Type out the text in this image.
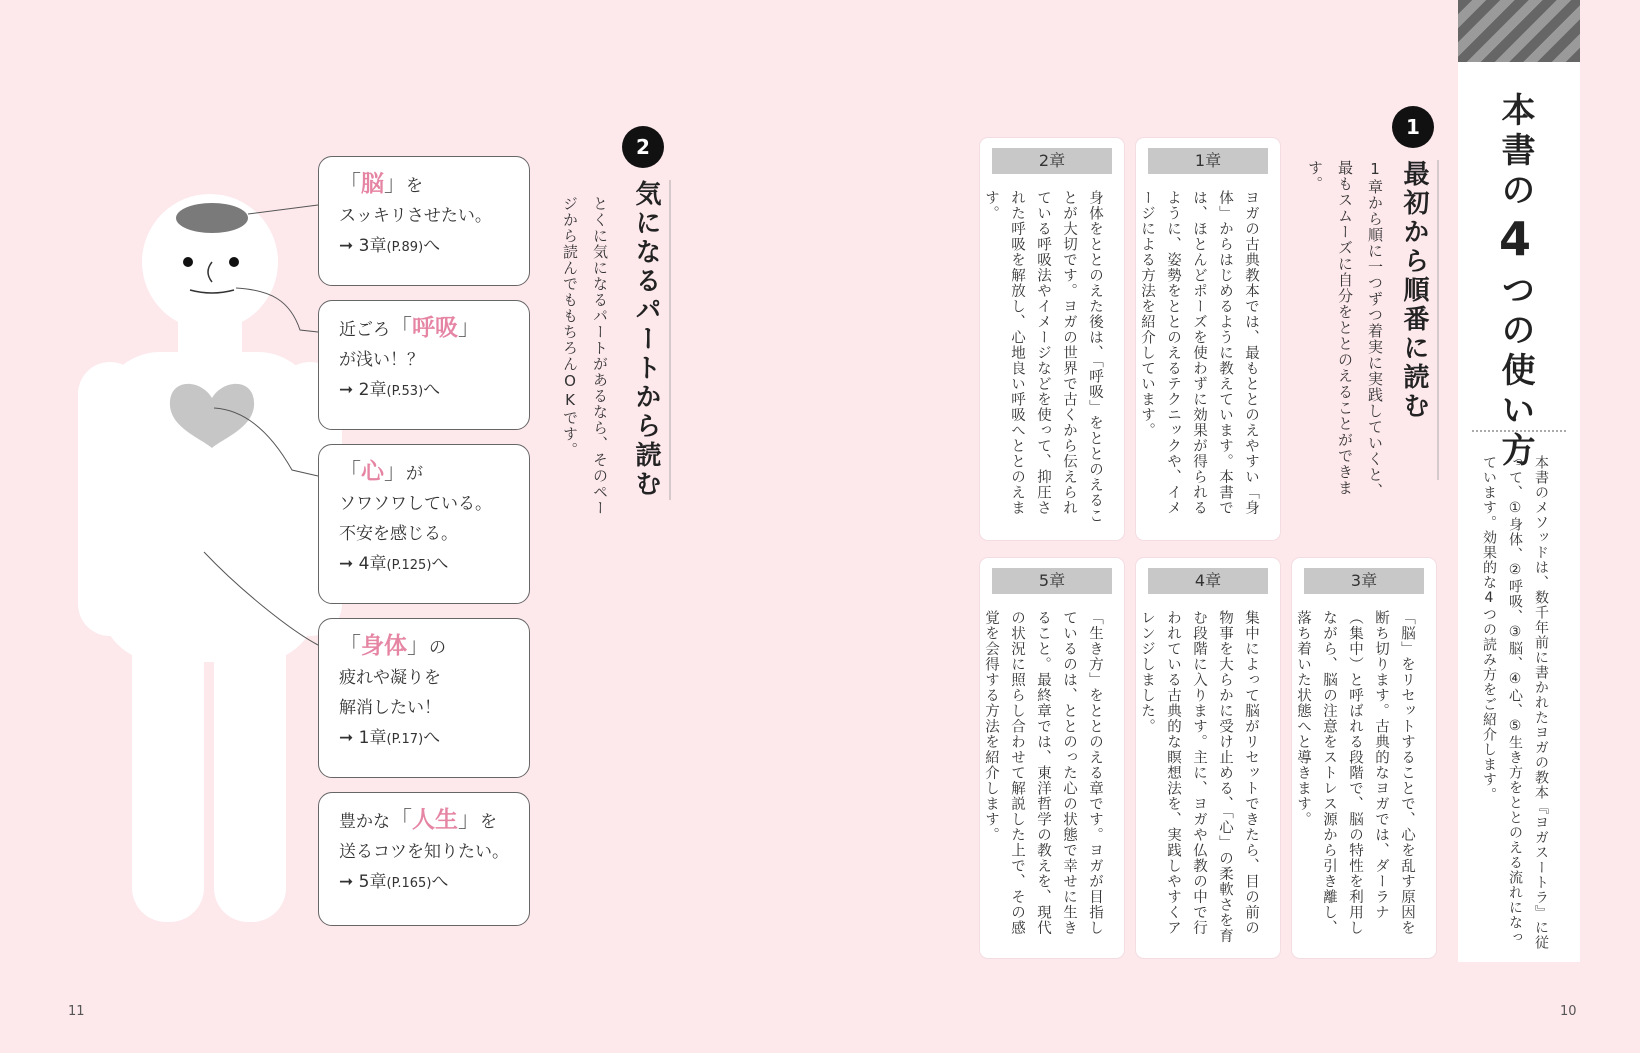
本書の4つの使い方
本書のメソッドは、数千年前に書かれたヨガの教本『ヨガスートラ』に従って、①身体、②呼吸、③脳、④心、⑤生き方をととのえる流れになっています。効果的な4つの読み方をご紹介します。
1
最初から順番に読む
1章から順に一つずつ着実に実践していくと、最もスムーズに自分をととのえることができます。
1章
ヨガの古典教本では、最もととのえやすい「身体」からはじめるように教えています。本書では、ほとんどポーズを使わずに効果が得られるように、姿勢をととのえるテクニックや、イメージによる方法を紹介しています。
2章
身体をととのえた後は、「呼吸」をととのえることが大切です。ヨガの世界で古くから伝えられている呼吸法やイメージなどを使って、抑圧された呼吸を解放し、心地良い呼吸へととのえます。
3章
「脳」をリセットすることで、心を乱す原因を断ち切ります。古典的なヨガでは、ダーラナ（集中）と呼ばれる段階で、脳の特性を利用しながら、脳の注意をストレス源から引き離し、落ち着いた状態へと導きます。
4章
集中によって脳がリセットできたら、目の前の物事を大らかに受け止める、「心」の柔軟さを育む段階に入ります。主に、ヨガや仏教の中で行われている古典的な瞑想法を、実践しやすくアレンジしました。
5章
「生き方」をととのえる章です。ヨガが目指しているのは、ととのった心の状態で幸せに生きること。最終章では、東洋哲学の教えを、現代の状況に照らし合わせて解説した上で、その感覚を会得する方法を紹介します。
2
気になるパートから読む
とくに気になるパートがあるなら、そのページから読んでももちろんOKです。
「脳」を
スッキリさせたい。
➞ 3章(P.89)へ
近ごろ「呼吸」
が浅い！？
➞ 2章(P.53)へ
「心」が
ソワソワしている。
不安を感じる。
➞ 4章(P.125)へ
「身体」の
疲れや凝りを
解消したい！
➞ 1章(P.17)へ
豊かな「人生」を
送るコツを知りたい。
➞ 5章(P.165)へ
11	10
